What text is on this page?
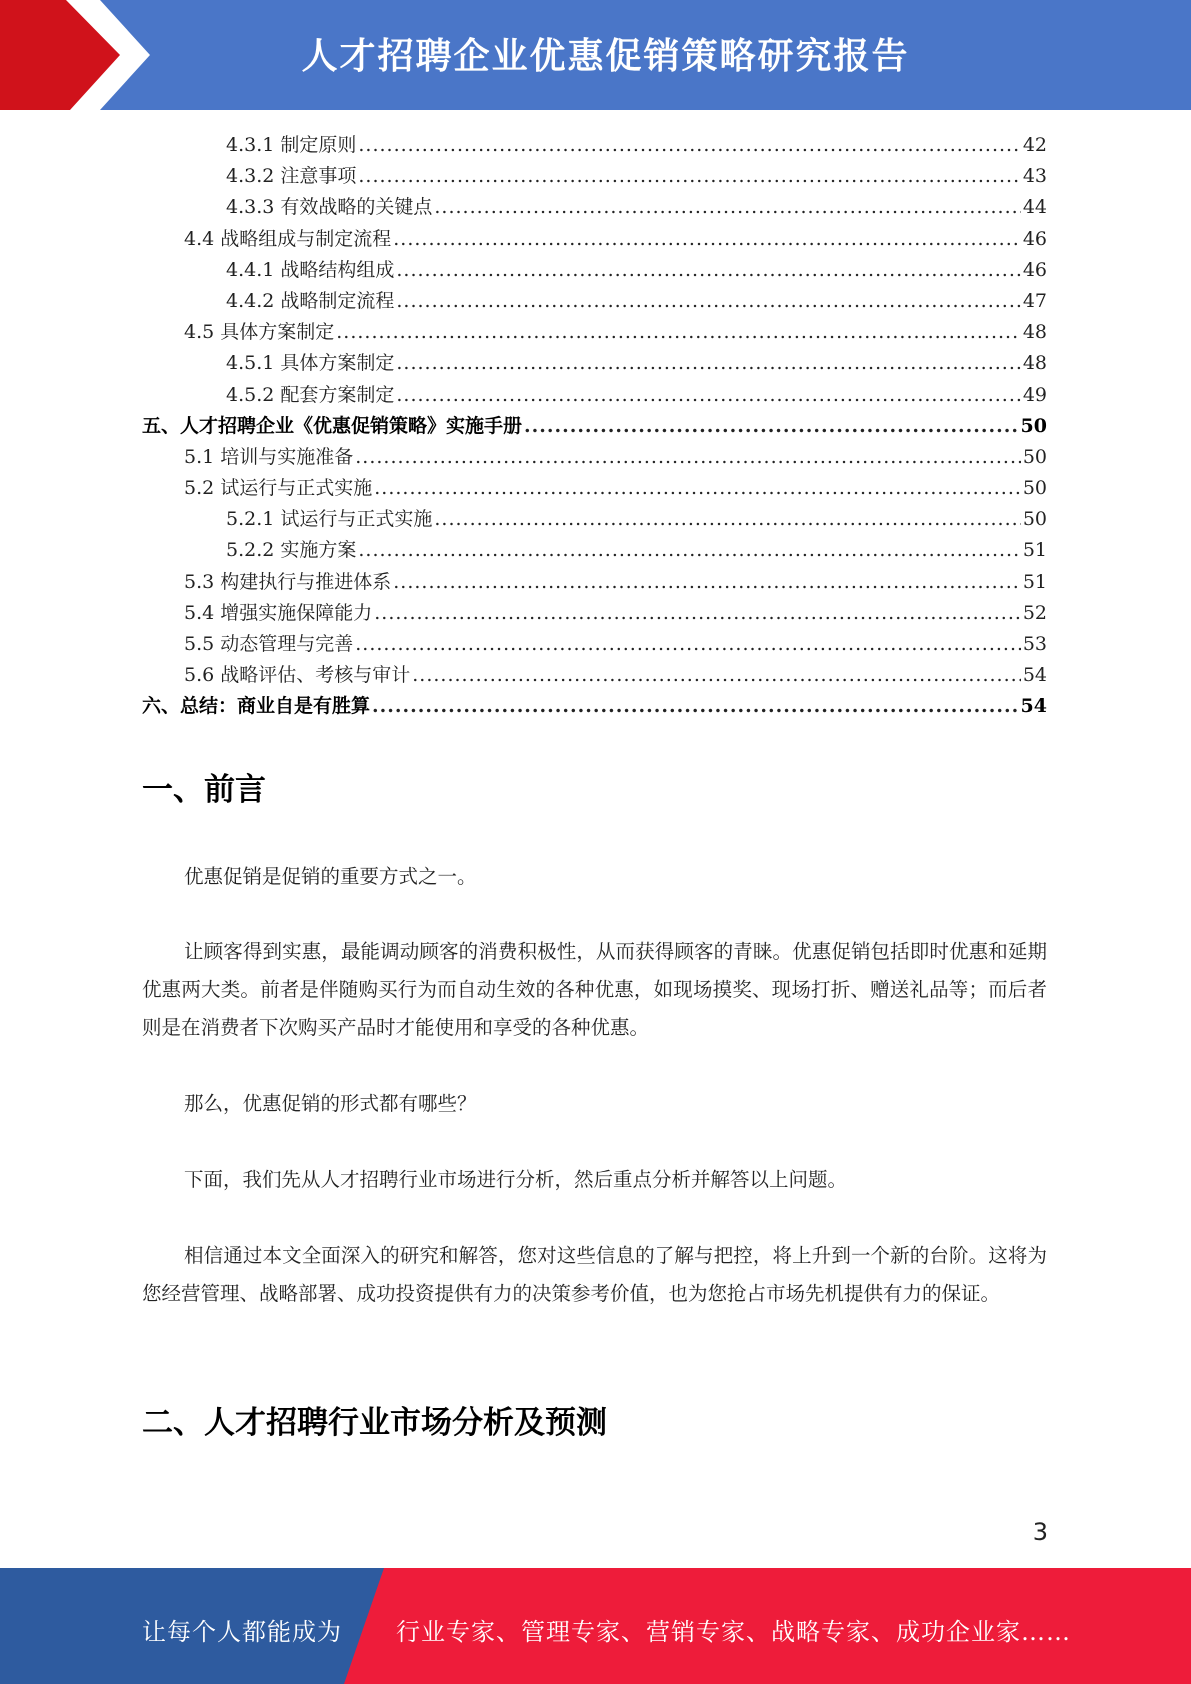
人才招聘企业优惠促销策略研究报告
4.3.1 制定原则 .....	42
4.3.2 注意事项 .....	43
4.3.3 有效战略的关键点 .....	44
4.4 战略组成与制定流程 .....	46
4.4.1 战略结构组成 .....	46
4.4.2 战略制定流程 .....	47
4.5 具体方案制定 .....	48
4.5.1 具体方案制定 .....	48
4.5.2 配套方案制定 .....	49
五、人才招聘企业《优惠促销策略》实施手册 .....	50
5.1 培训与实施准备 .....	50
5.2 试运行与正式实施 .....	50
5.2.1 试运行与正式实施 .....	50
5.2.2 实施方案 .....	51
5.3 构建执行与推进体系 .....	51
5.4 增强实施保障能力 .....	52
5.5 动态管理与完善 .....	53
5.6 战略评估、考核与审计 .....	54
六、总结：商业自是有胜算 .....	54
一、前言

优惠促销是促销的重要方式之一。

让顾客得到实惠，最能调动顾客的消费积极性，从而获得顾客的青睐。优惠促销包括即时优惠和延期优惠两大类。前者是伴随购买行为而自动生效的各种优惠，如现场摸奖、现场打折、赠送礼品等；而后者则是在消费者下次购买产品时才能使用和享受的各种优惠。

那么，优惠促销的形式都有哪些？

下面，我们先从人才招聘行业市场进行分析，然后重点分析并解答以上问题。

相信通过本文全面深入的研究和解答，您对这些信息的了解与把控，将上升到一个新的台阶。这将为您经营管理、战略部署、成功投资提供有力的决策参考价值，也为您抢占市场先机提供有力的保证。

二、人才招聘行业市场分析及预测
3
让每个人都能成为 行业专家、管理专家、营销专家、战略专家、成功企业家……
